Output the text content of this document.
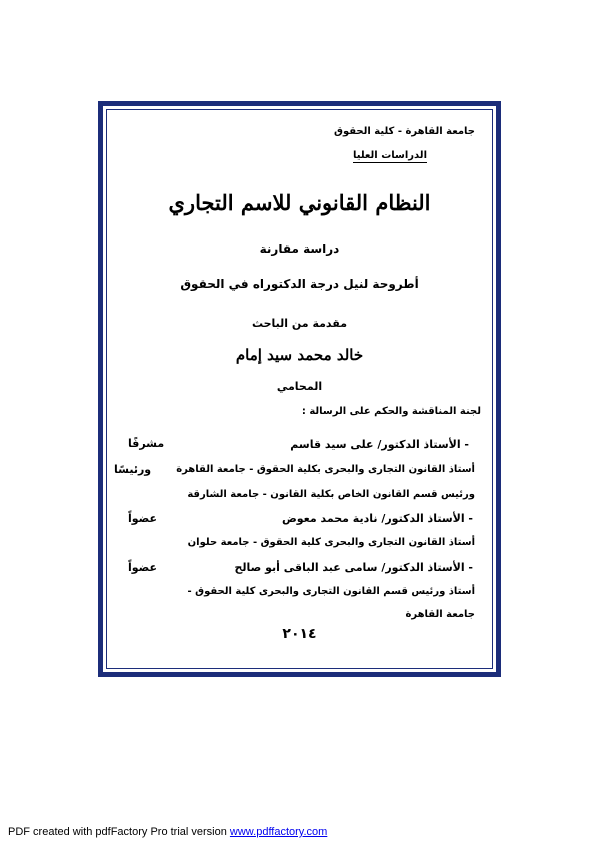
جامعة القاهرة - كلية الحقوق
الدراسات العليا
النظام القانوني للاسم التجاري
دراسة مقارنة
أطروحة لنيل درجة الدكتوراه في الحقوق
مقدمة من الباحث
خالد محمد سيد إمام
المحامي
لجنة المناقشة والحكم على الرسالة :
- الأستاذ الدكتور/ على سيد قاسم
مشرفًا
أستاذ القانون التجارى والبحرى بكلية الحقوق - جامعة القاهرة
ورئيسًا
ورئيس قسم القانون الخاص بكلية القانون - جامعة الشارقة
- الأستاذ الدكتور/ نادية محمد معوض
عضواً
أستاذ القانون التجارى والبحرى كلية الحقوق - جامعة حلوان
- الأستاذ الدكتور/ سامى عبد الباقى أبو صالح
عضواً
أستاذ ورئيس قسم القانون التجارى والبحرى كلية الحقوق -
جامعة القاهرة
٢٠١٤
PDF created with pdfFactory Pro trial version www.pdffactory.com
